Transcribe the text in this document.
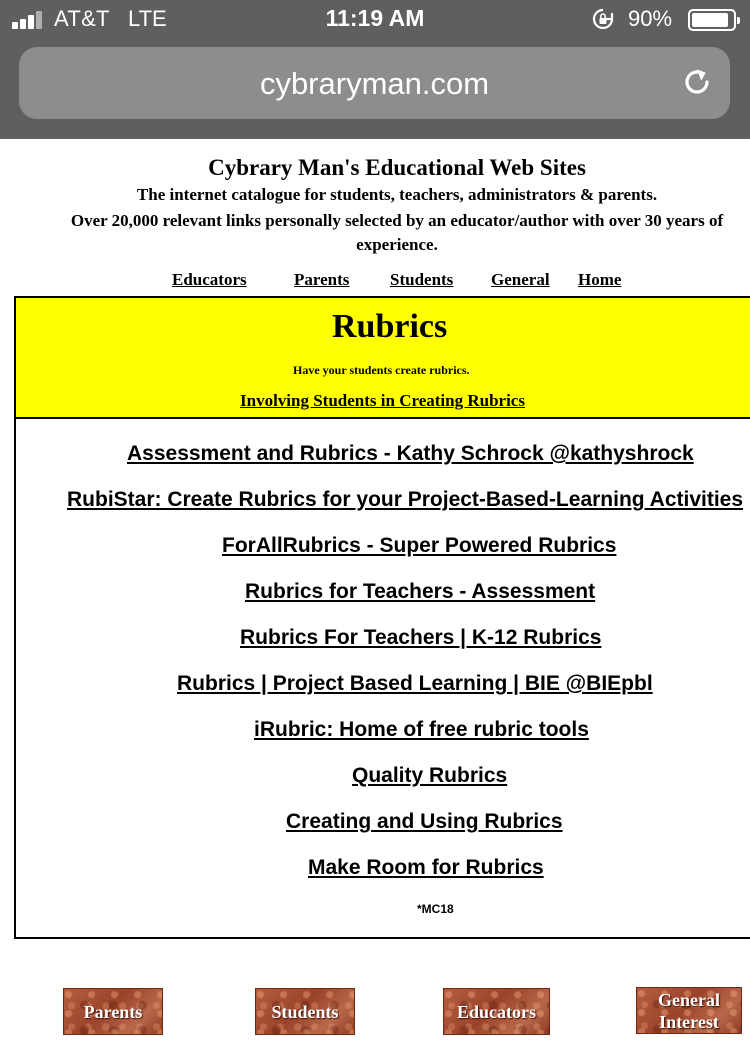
AT&T LTE	11:19 AM	90%
cybraryman.com
Cybrary Man's Educational Web Sites
The internet catalogue for students, teachers, administrators & parents.
Over 20,000 relevant links personally selected by an educator/author with over 30 years of
experience.
Educators	Parents Students General Home
Rubrics
Have your students create rubrics.
Involving Students in Creating Rubrics
Assessment and Rubrics - Kathy Schrock @kathyshrock
RubiStar: Create Rubrics for your Project-Based-Learning Activities
ForAllRubrics - Super Powered Rubrics
Rubrics for Teachers - Assessment
Rubrics For Teachers | K-12 Rubrics
Rubrics | Project Based Learning | BIE @BIEpbl
iRubric: Home of free rubric tools
Quality Rubrics
Creating and Using Rubrics
Make Room for Rubrics
*MC18
Parents	Students	Educators
General
Interest
